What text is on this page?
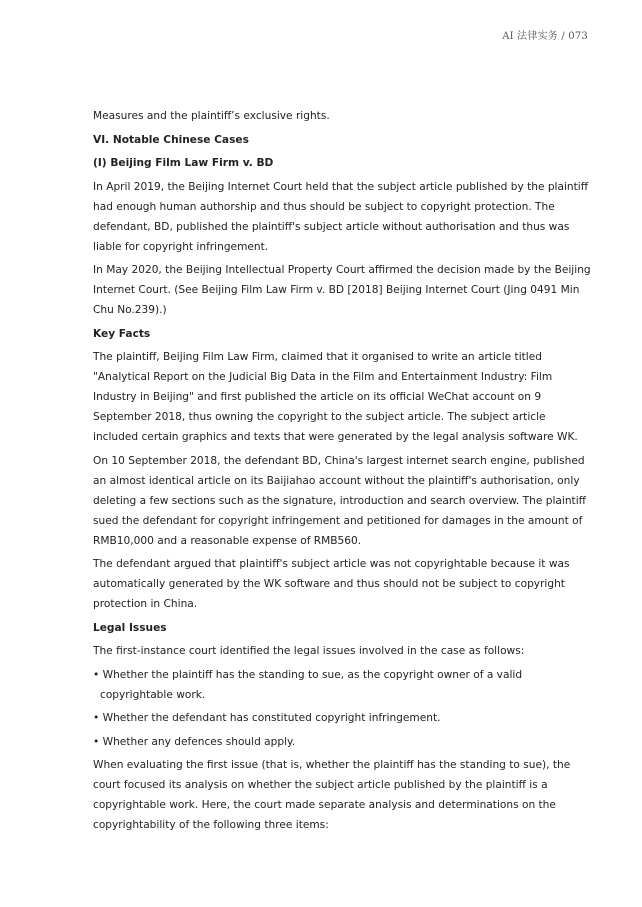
AI 法律实务 / 073

Measures and the plaintiff’s exclusive rights.

VI. Notable Chinese Cases

(I) Beijing Film Law Firm v. BD

In April 2019, the Beijing Internet Court held that the subject article published by the plaintiff had enough human authorship and thus should be subject to copyright protection. The defendant, BD, published the plaintiff's subject article without authorisation and thus was liable for copyright infringement.

In May 2020, the Beijing Intellectual Property Court affirmed the decision made by the Beijing Internet Court. (See Beijing Film Law Firm v. BD [2018] Beijing Internet Court (Jing 0491 Min Chu No.239).)

Key Facts

The plaintiff, Beijing Film Law Firm, claimed that it organised to write an article titled "Analytical Report on the Judicial Big Data in the Film and Entertainment Industry: Film Industry in Beijing" and first published the article on its official WeChat account on 9 September 2018, thus owning the copyright to the subject article. The subject article included certain graphics and texts that were generated by the legal analysis software WK.

On 10 September 2018, the defendant BD, China's largest internet search engine, published an almost identical article on its Baijiahao account without the plaintiff's authorisation, only deleting a few sections such as the signature, introduction and search overview. The plaintiff sued the defendant for copyright infringement and petitioned for damages in the amount of RMB10,000 and a reasonable expense of RMB560.

The defendant argued that plaintiff's subject article was not copyrightable because it was automatically generated by the WK software and thus should not be subject to copyright protection in China.

Legal Issues

The first-instance court identified the legal issues involved in the case as follows:

• Whether the plaintiff has the standing to sue, as the copyright owner of a valid copyrightable work.

• Whether the defendant has constituted copyright infringement.

• Whether any defences should apply.

When evaluating the first issue (that is, whether the plaintiff has the standing to sue), the court focused its analysis on whether the subject article published by the plaintiff is a copyrightable work. Here, the court made separate analysis and determinations on the copyrightability of the following three items:
